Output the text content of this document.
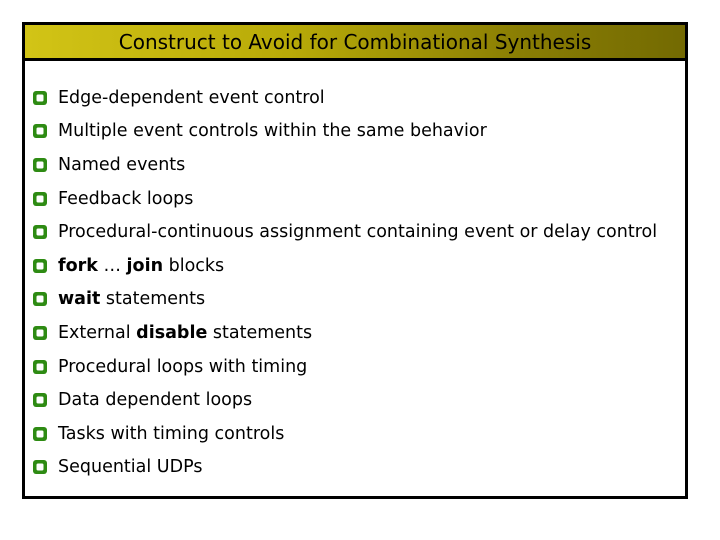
Construct to Avoid for Combinational Synthesis
Edge-dependent event control
Multiple event controls within the same behavior
Named events
Feedback loops
Procedural-continuous assignment containing event or delay control
fork … join blocks
wait statements
External disable statements
Procedural loops with timing
Data dependent loops
Tasks with timing controls
Sequential UDPs
